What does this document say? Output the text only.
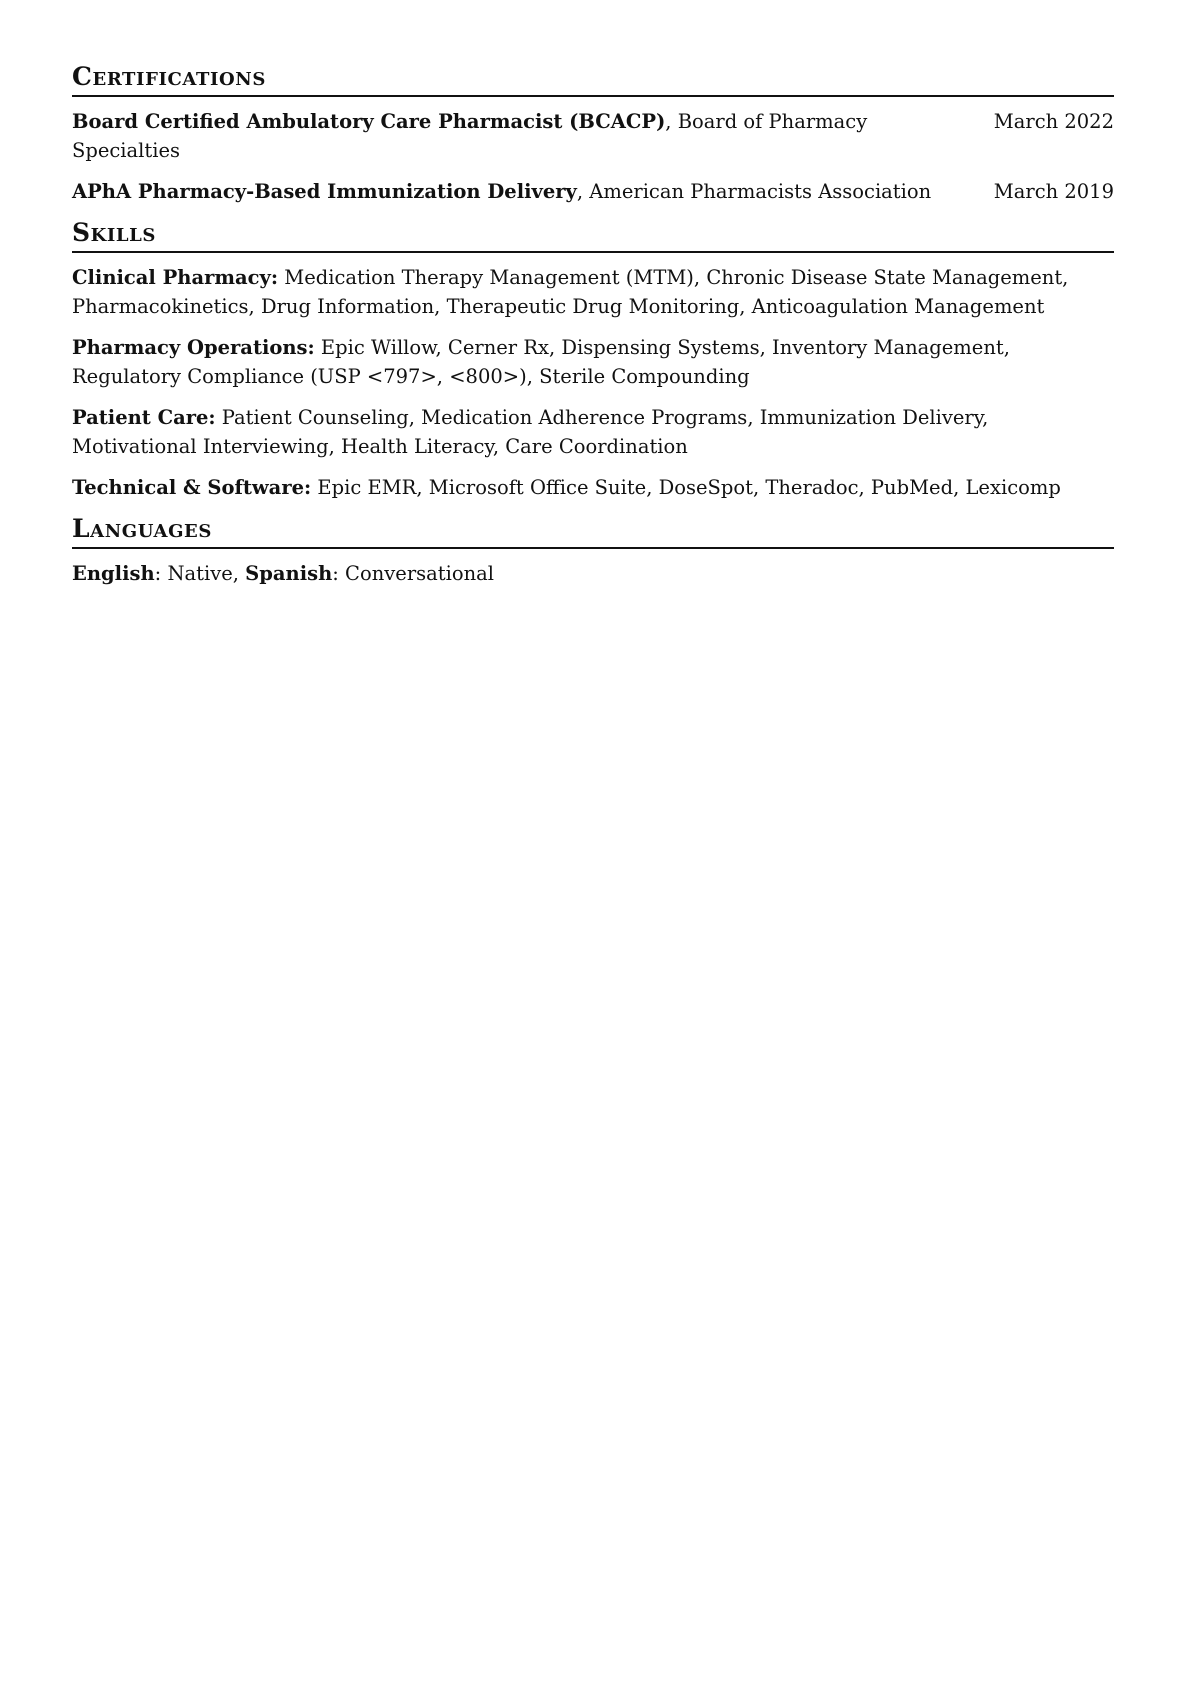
Certifications
Board Certified Ambulatory Care Pharmacist (BCACP), Board of Pharmacy Specialties
March 2022
APhA Pharmacy-Based Immunization Delivery, American Pharmacists Association	March 2019
Skills
Clinical Pharmacy: Medication Therapy Management (MTM), Chronic Disease State Management, Pharmacokinetics, Drug Information, Therapeutic Drug Monitoring, Anticoagulation Management
Pharmacy Operations: Epic Willow, Cerner Rx, Dispensing Systems, Inventory Management, Regulatory Compliance (USP <797>, <800>), Sterile Compounding
Patient Care: Patient Counseling, Medication Adherence Programs, Immunization Delivery, Motivational Interviewing, Health Literacy, Care Coordination
Technical & Software: Epic EMR, Microsoft Office Suite, DoseSpot, Theradoc, PubMed, Lexicomp
Languages
English: Native, Spanish: Conversational
